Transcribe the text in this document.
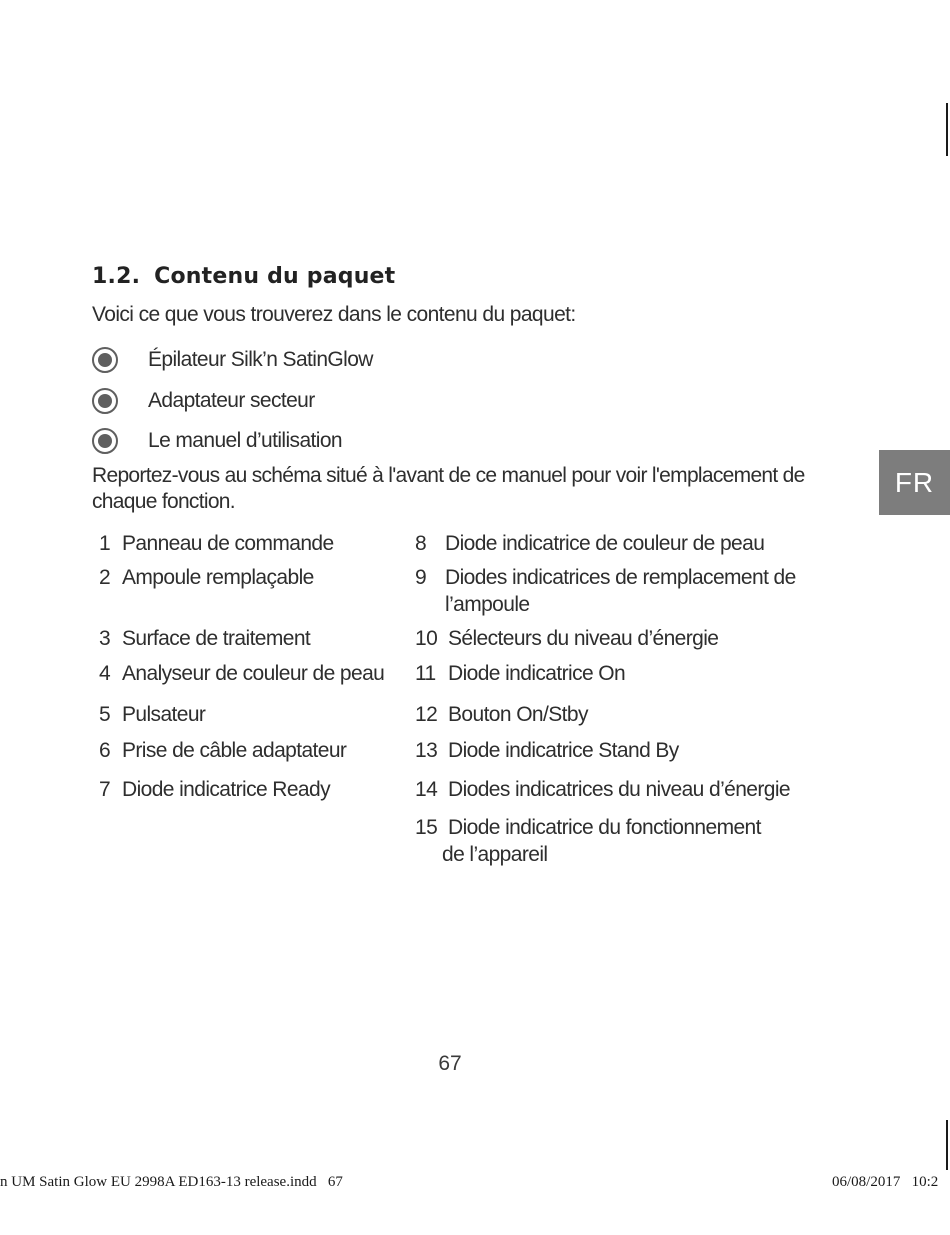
1.2. Contenu du paquet
Voici ce que vous trouverez dans le contenu du paquet:
Épilateur Silk’n SatinGlow
Adaptateur secteur
Le manuel d’utilisation
Reportez-vous au schéma situé à l'avant de ce manuel pour voir l'emplacement de chaque fonction.
FR
1 Panneau de commande
2 Ampoule remplaçable
3 Surface de traitement
4 Analyseur de couleur de peau
5 Pulsateur
6 Prise de câble adaptateur
7 Diode indicatrice Ready
8 Diode indicatrice de couleur de peau
9 Diodes indicatrices de remplacement de
l’ampoule
10 Sélecteurs du niveau d’énergie
11 Diode indicatrice On
12 Bouton On/Stby
13 Diode indicatrice Stand By
14 Diodes indicatrices du niveau d’énergie
15 Diode indicatrice du fonctionnement
de l’appareil
67
n UM Satin Glow EU 2998A ED163-13 release.indd 67	06/08/2017 10:2
